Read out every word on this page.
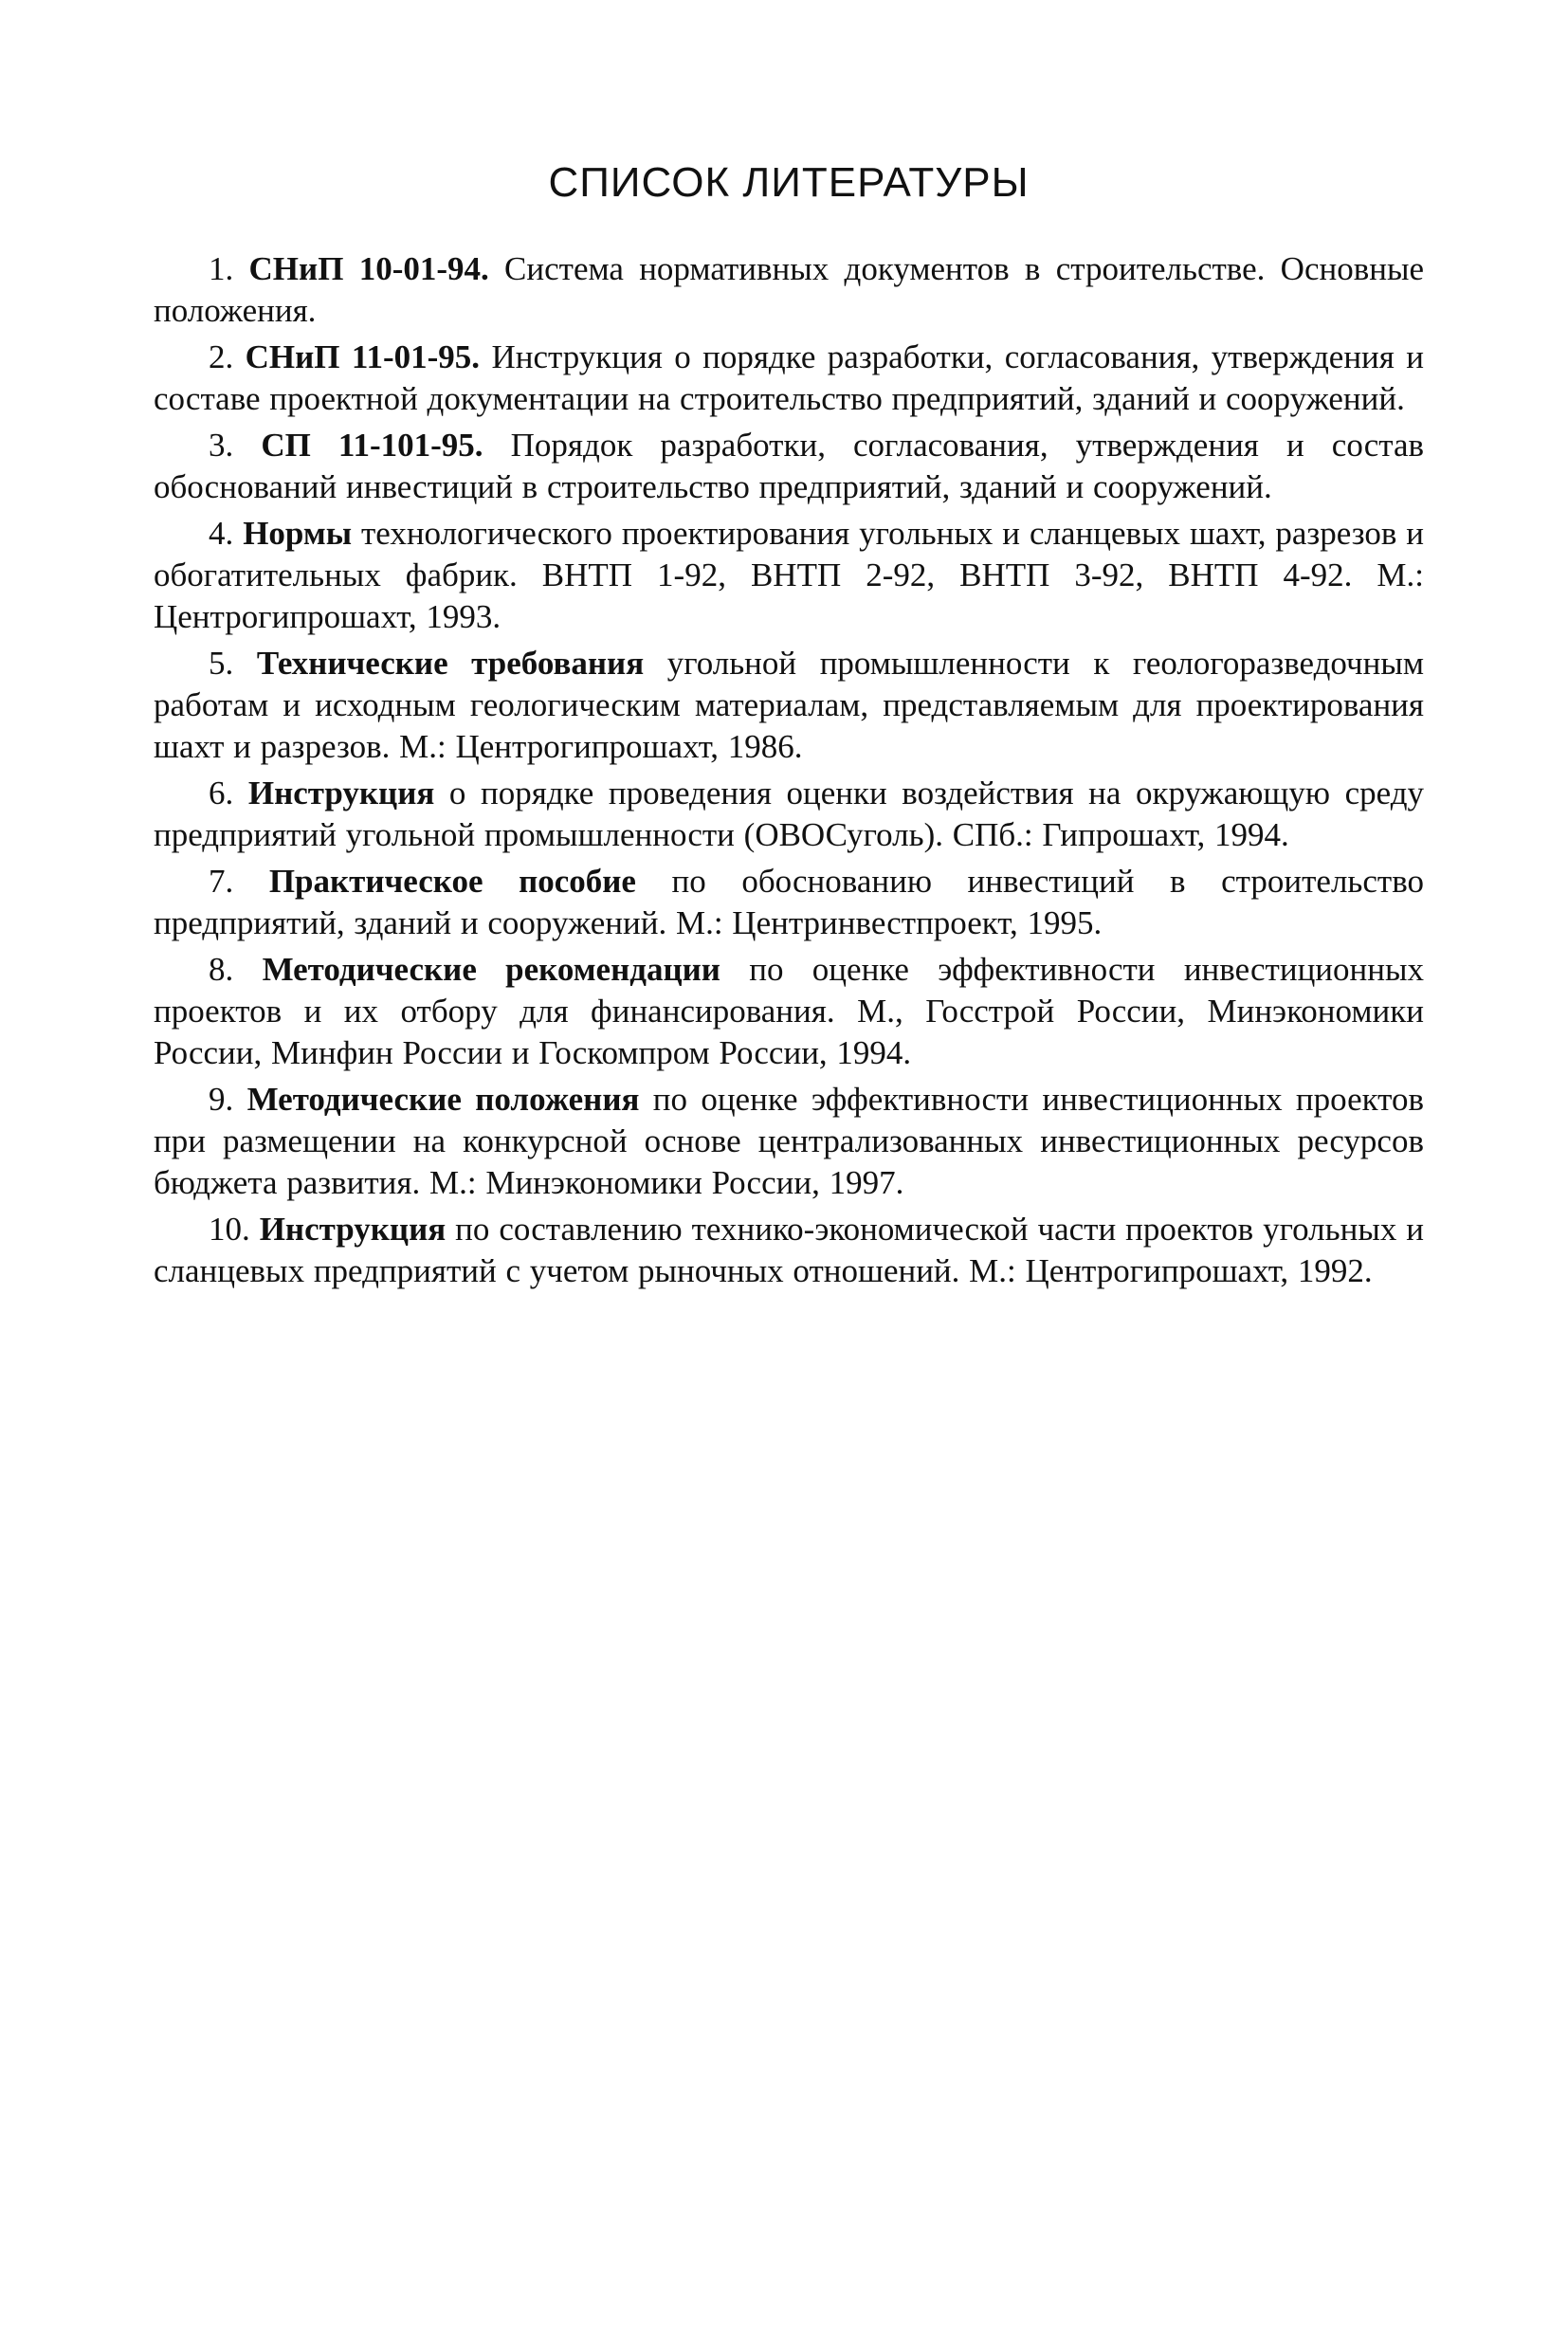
СПИСОК ЛИТЕРАТУРЫ
1. СНиП 10-01-94. Система нормативных документов в строительстве. Основные положения.
2. СНиП 11-01-95. Инструкция о порядке разработки, согласования, утверждения и составе проектной документации на строительство предприятий, зданий и сооружений.
3. СП 11-101-95. Порядок разработки, согласования, утверждения и состав обоснований инвестиций в строительство предприятий, зданий и сооружений.
4. Нормы технологического проектирования угольных и сланцевых шахт, разрезов и обогатительных фабрик. ВНТП 1-92, ВНТП 2-92, ВНТП 3-92, ВНТП 4-92. М.: Центрогипрошахт, 1993.
5. Технические требования угольной промышленности к геологоразведочным работам и исходным геологическим материалам, представляемым для проектирования шахт и разрезов. М.: Центрогипрошахт, 1986.
6. Инструкция о порядке проведения оценки воздействия на окружающую среду предприятий угольной промышленности (ОВОСуголь). СПб.: Гипрошахт, 1994.
7. Практическое пособие по обоснованию инвестиций в строительство предприятий, зданий и сооружений. М.: Центринвестпроект, 1995.
8. Методические рекомендации по оценке эффективности инвестиционных проектов и их отбору для финансирования. М., Госстрой России, Минэкономики России, Минфин России и Госкомпром России, 1994.
9. Методические положения по оценке эффективности инвестиционных проектов при размещении на конкурсной основе централизованных инвестиционных ресурсов бюджета развития. М.: Минэкономики России, 1997.
10. Инструкция по составлению технико-экономической части проектов угольных и сланцевых предприятий с учетом рыночных отношений. М.: Центрогипрошахт, 1992.
